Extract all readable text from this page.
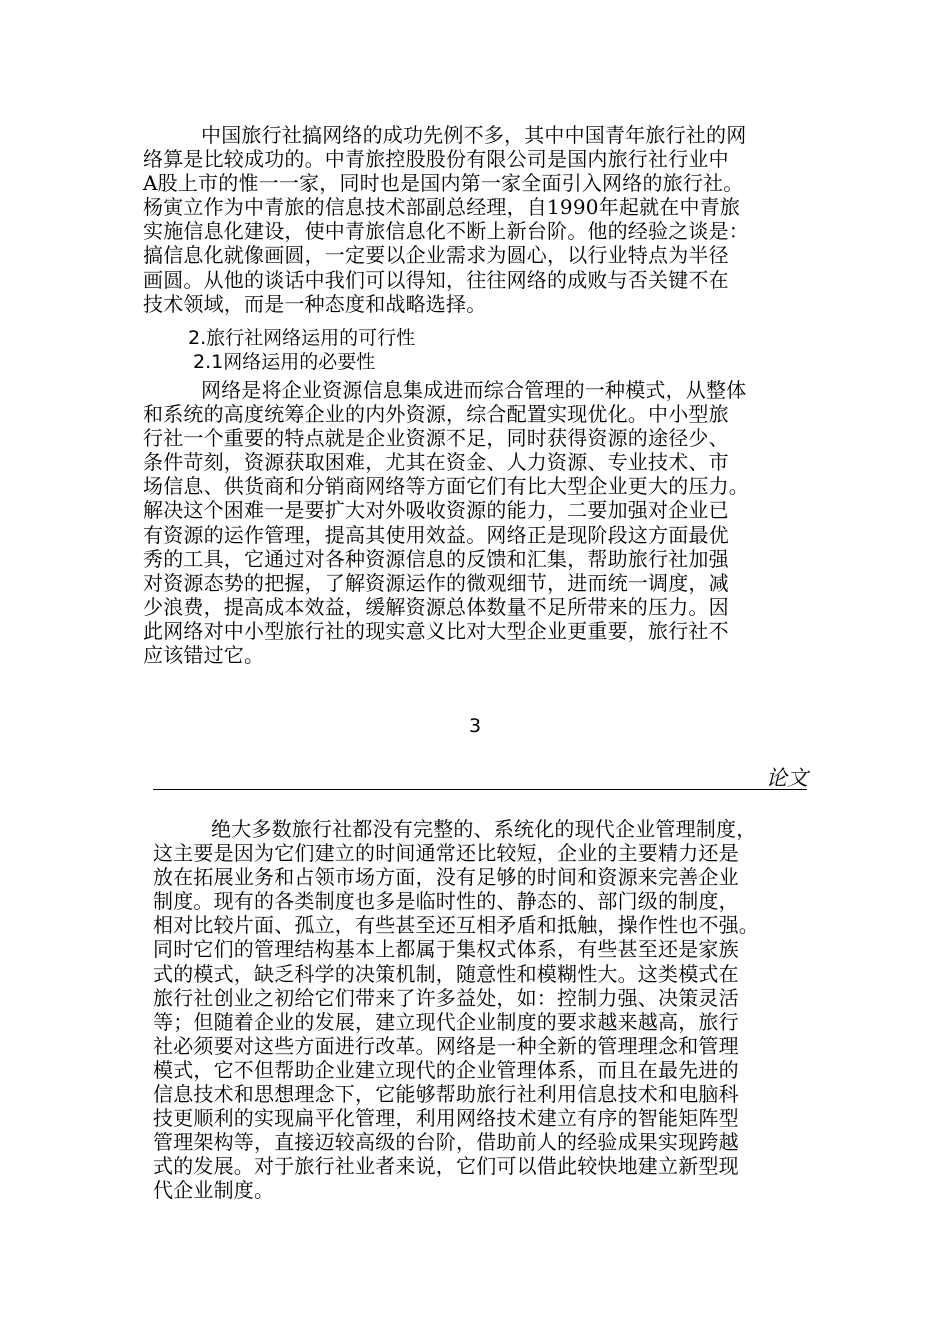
中国旅行社搞网络的成功先例不多，其中中国青年旅行社的网
络算是比较成功的。中青旅控股股份有限公司是国内旅行社行业中
A股上市的惟一一家，同时也是国内第一家全面引入网络的旅行社。
杨寅立作为中青旅的信息技术部副总经理，自1990年起就在中青旅
实施信息化建设，使中青旅信息化不断上新台阶。他的经验之谈是：
搞信息化就像画圆，一定要以企业需求为圆心，以行业特点为半径
画圆。从他的谈话中我们可以得知，往往网络的成败与否关键不在
技术领域，而是一种态度和战略选择。
2.旅行社网络运用的可行性
2.1网络运用的必要性
网络是将企业资源信息集成进而综合管理的一种模式，从整体
和系统的高度统筹企业的内外资源，综合配置实现优化。中小型旅
行社一个重要的特点就是企业资源不足，同时获得资源的途径少、
条件苛刻，资源获取困难，尤其在资金、人力资源、专业技术、市
场信息、供货商和分销商网络等方面它们有比大型企业更大的压力。
解决这个困难一是要扩大对外吸收资源的能力，二要加强对企业已
有资源的运作管理，提高其使用效益。网络正是现阶段这方面最优
秀的工具，它通过对各种资源信息的反馈和汇集，帮助旅行社加强
对资源态势的把握，了解资源运作的微观细节，进而统一调度，减
少浪费，提高成本效益，缓解资源总体数量不足所带来的压力。因
此网络对中小型旅行社的现实意义比对大型企业更重要，旅行社不
应该错过它。
3
论文
绝大多数旅行社都没有完整的、系统化的现代企业管理制度，
这主要是因为它们建立的时间通常还比较短，企业的主要精力还是
放在拓展业务和占领市场方面，没有足够的时间和资源来完善企业
制度。现有的各类制度也多是临时性的、静态的、部门级的制度，
相对比较片面、孤立，有些甚至还互相矛盾和抵触，操作性也不强。
同时它们的管理结构基本上都属于集权式体系，有些甚至还是家族
式的模式，缺乏科学的决策机制，随意性和模糊性大。这类模式在
旅行社创业之初给它们带来了许多益处，如：控制力强、决策灵活
等；但随着企业的发展，建立现代企业制度的要求越来越高，旅行
社必须要对这些方面进行改革。网络是一种全新的管理理念和管理
模式，它不但帮助企业建立现代的企业管理体系，而且在最先进的
信息技术和思想理念下，它能够帮助旅行社利用信息技术和电脑科
技更顺利的实现扁平化管理，利用网络技术建立有序的智能矩阵型
管理架构等，直接迈较高级的台阶，借助前人的经验成果实现跨越
式的发展。对于旅行社业者来说，它们可以借此较快地建立新型现
代企业制度。
